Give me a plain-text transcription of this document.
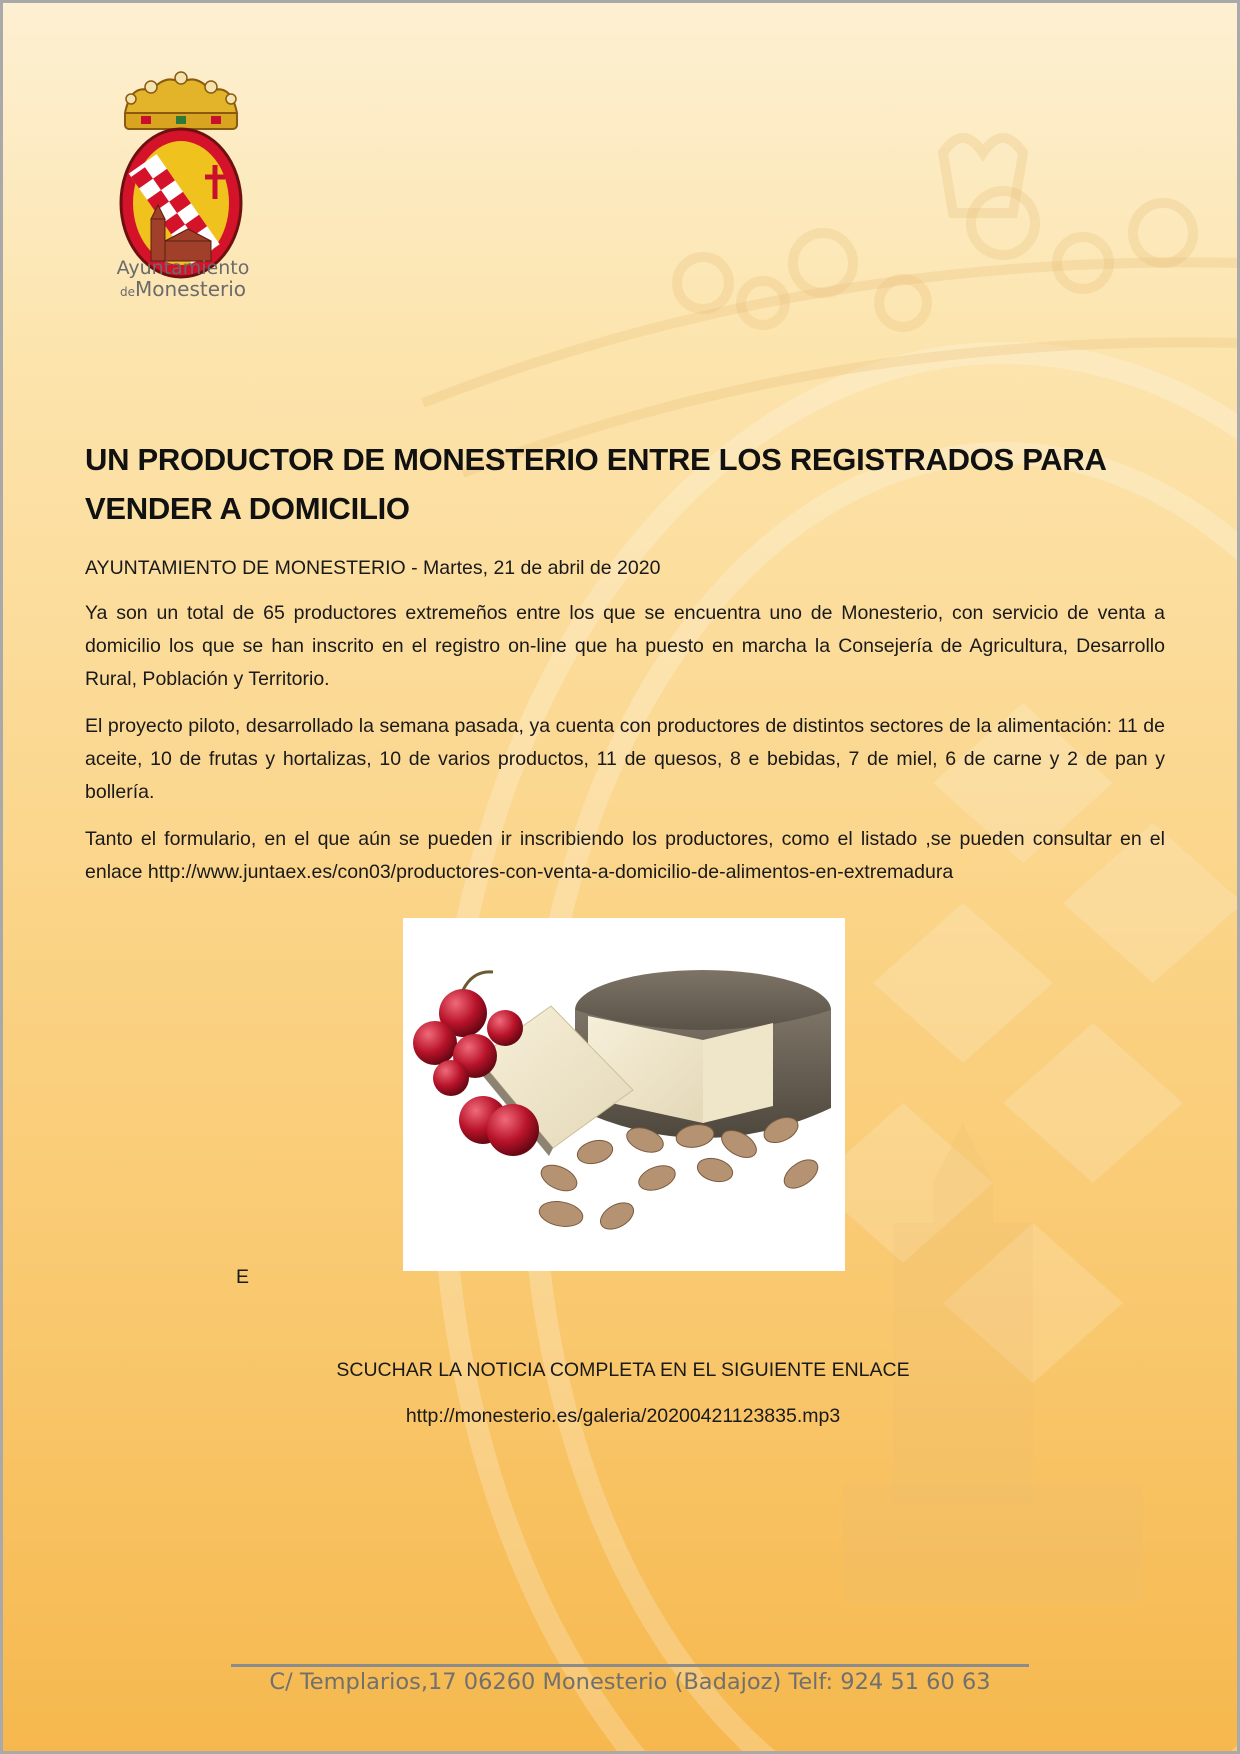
Ayuntamiento
deMonesterio
UN PRODUCTOR DE MONESTERIO ENTRE LOS REGISTRADOS PARA VENDER A DOMICILIO
AYUNTAMIENTO DE MONESTERIO - Martes, 21 de abril de 2020

Ya son un total de 65 productores extremeños entre los que se encuentra uno de Monesterio, con servicio de venta a domicilio los que se han inscrito en el registro on-line que ha puesto en marcha la Consejería de Agricultura, Desarrollo Rural, Población y Territorio.

El proyecto piloto, desarrollado la semana pasada, ya cuenta con productores de distintos sectores de la alimentación: 11 de aceite, 10 de frutas y hortalizas, 10 de varios productos, 11 de quesos, 8 e bebidas, 7 de miel, 6 de carne y 2 de pan y bollería.

Tanto el formulario, en el que aún se pueden ir inscribiendo los productores, como el listado ,se pueden consultar en el enlace http://www.juntaex.es/con03/productores-con-venta-a-domicilio-de-alimentos-en-extremadura

E
SCUCHAR LA NOTICIA COMPLETA EN EL SIGUIENTE ENLACE
http://monesterio.es/galeria/20200421123835.mp3
C/ Templarios,17 06260 Monesterio (Badajoz) Telf: 924 51 60 63
